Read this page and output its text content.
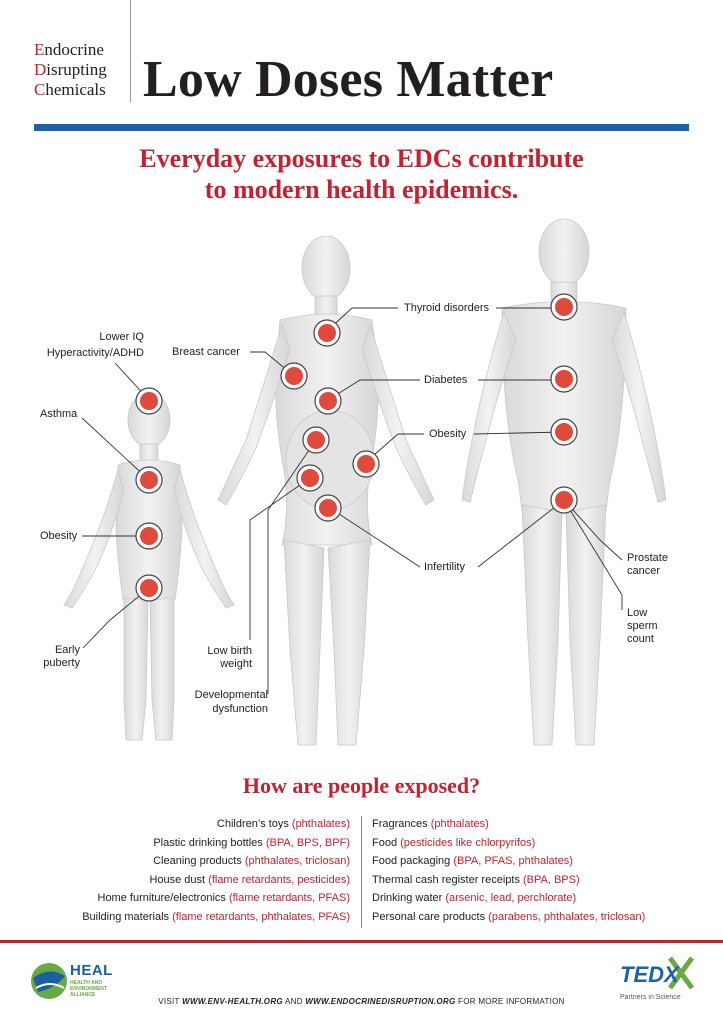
Endocrine
Disrupting
Chemicals Low Doses Matter
Everyday exposures to EDCs contribute
to modern health epidemics.
Lower IQ
Hyperactivity/ADHD
Asthma
Obesity
Early
puberty
Breast cancer
Low birth
weight
Developmental
dysfunction
Thyroid disorders
Diabetes
Obesity
Infertility
Prostate
cancer
Low
sperm
count
How are people exposed?
Children’s toys (phthalates)
Plastic drinking bottles (BPA, BPS, BPF)
Cleaning products (phthalates, triclosan)
House dust (flame retardants, pesticides)
Home furniture/electronics (flame retardants, PFAS)
Building materials (flame retardants, phthalates, PFAS)
Fragrances (phthalates)
Food (pesticides like chlorpyrifos)
Food packaging (BPA, PFAS, phthalates)
Thermal cash register receipts (BPA, BPS)
Drinking water (arsenic, lead, perchlorate)
Personal care products (parabens, phthalates, triclosan)
HEAL
HEALTH AND
ENVIRONMENT
ALLIANCE
VISIT WWW.ENV-HEALTH.ORG AND WWW.ENDOCRINEDISRUPTION.ORG FOR MORE INFORMATION
TEDX
Partners in Science
